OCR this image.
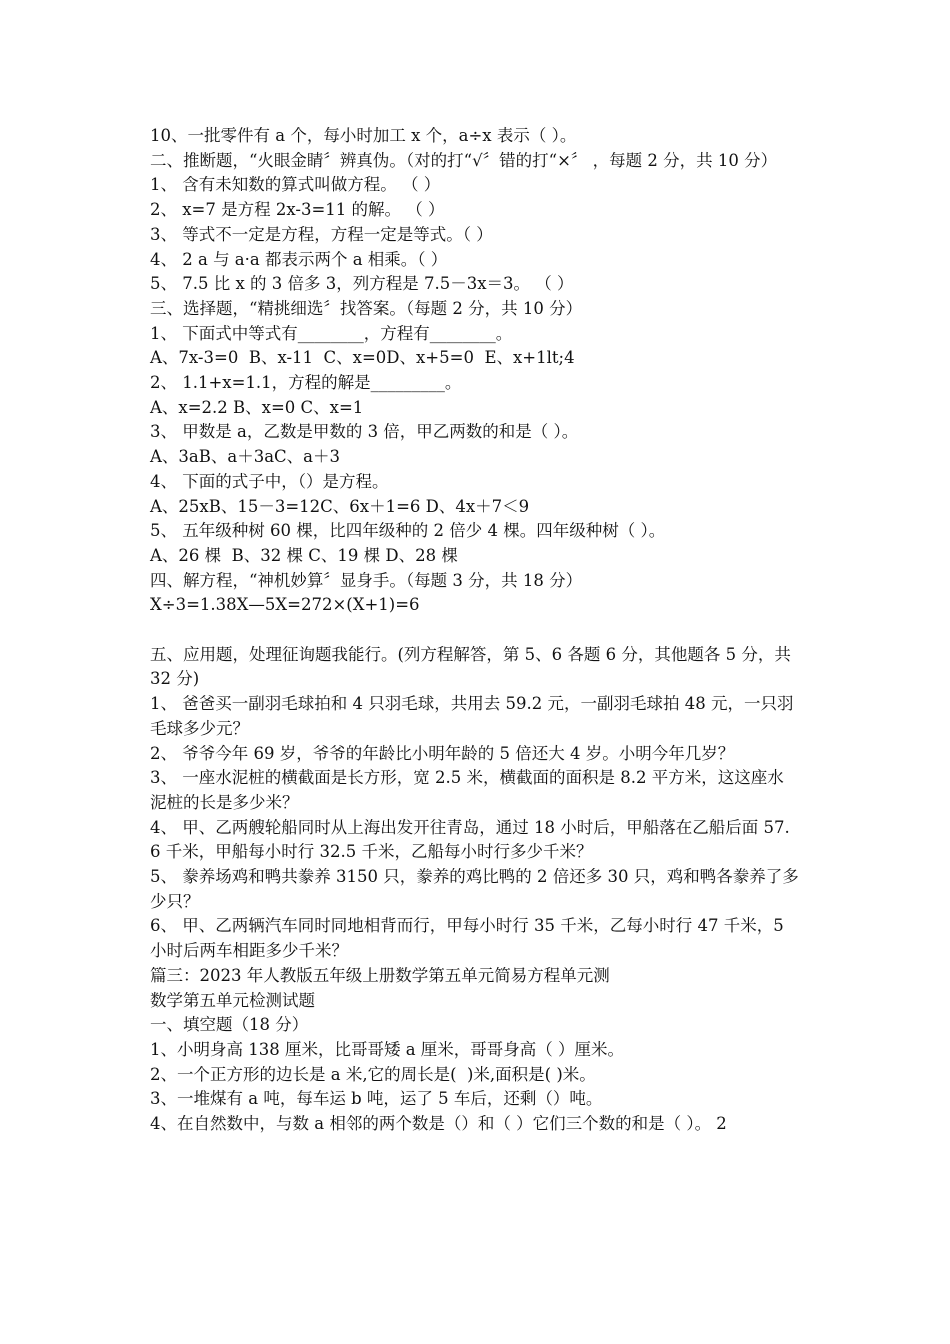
10、一批零件有 a 个，每小时加工 x 个，a÷x 表示（ ）。
二、推断题，“火眼金睛〞辨真伪。（对的打“√〞错的打“×〞 ，每题 2 分，共 10 分）
1、 含有未知数的算式叫做方程。 （ ）
2、 x=7 是方程 2x-3=11 的解。 （ ）
3、 等式不一定是方程，方程一定是等式。（ ）
4、 2 a 与 a·a 都表示两个 a 相乘。（ ）
5、 7.5 比 x 的 3 倍多 3，列方程是 7.5－3x＝3。 （ ）
三、选择题，“精挑细选〞找答案。（每题 2 分，共 10 分）
1、 下面式中等式有________，方程有________。
A、7x-3=0  B、x-11  C、x=0D、x+5=0  E、x+1lt;4
2、 1.1+x=1.1，方程的解是_________。
A、x=2.2 B、x=0 C、x=1
3、 甲数是 a，乙数是甲数的 3 倍，甲乙两数的和是（ ）。
A、3aB、a＋3aC、a＋3
4、 下面的式子中，（）是方程。
A、25xB、15－3=12C、6x＋1=6 D、4x＋7＜9
5、 五年级种树 60 棵，比四年级种的 2 倍少 4 棵。四年级种树（ ）。
A、26 棵  B、32 棵 C、19 棵 D、28 棵
四、解方程，“神机妙算〞显身手。（每题 3 分，共 18 分）
X÷3=1.38X—5X=272×(X+1)=6
五、应用题，处理征询题我能行。(列方程解答，第 5、6 各题 6 分，其他题各 5 分，共 32 分)
1、 爸爸买一副羽毛球拍和 4 只羽毛球，共用去 59.2 元，一副羽毛球拍 48 元，一只羽毛球多少元？
2、 爷爷今年 69 岁，爷爷的年龄比小明年龄的 5 倍还大 4 岁。小明今年几岁？
3、 一座水泥桩的横截面是长方形，宽 2.5 米，横截面的面积是 8.2 平方米，这这座水泥桩的长是多少米？
4、 甲、乙两艘轮船同时从上海出发开往青岛，通过 18 小时后，甲船落在乙船后面 57.6 千米，甲船每小时行 32.5 千米，乙船每小时行多少千米？
5、 豢养场鸡和鸭共豢养 3150 只，豢养的鸡比鸭的 2 倍还多 30 只，鸡和鸭各豢养了多少只？
6、 甲、乙两辆汽车同时同地相背而行，甲每小时行 35 千米，乙每小时行 47 千米，5 小时后两车相距多少千米？
篇三：2023 年人教版五年级上册数学第五单元简易方程单元测
数学第五单元检测试题
一、填空题（18 分）
1、小明身高 138 厘米，比哥哥矮 a 厘米，哥哥身高（ ）厘米。
2、一个正方形的边长是 a 米,它的周长是(  )米,面积是( )米。
3、一堆煤有 a 吨，每车运 b 吨，运了 5 车后，还剩（）吨。
4、在自然数中，与数 a 相邻的两个数是（）和（ ）它们三个数的和是（ ）。 2
